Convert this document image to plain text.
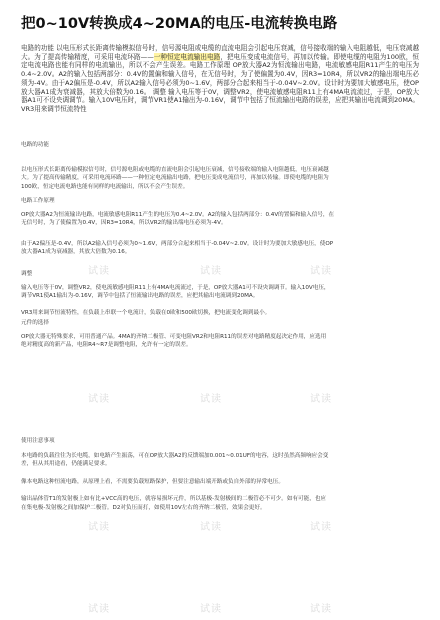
把0~10V转换成4~20MA的电压-电流转换电路
电路的功能 以电压形式长距离传输模拟信号时，信号源电阻或电缆的直流电阻会引起电压衰减，信号接收端的输入电阻越低，电压衰减越大。为了提高传输精度，可采用电流环路——一种恒定电流输出电路，把电压变成电流信号，再加以传输。即使电缆的电阻为100欧，恒定电流电路也能有同样的电流输出，所以不会产生误差。电路工作原理 OP放大器A2为恒流输出电路，电流敏感电阻R11产生的电压为0.4~2.0V。A2的输入包括两部分：0.4V的置偏和输入信号，在无信号时，为了使偏置为0.4V，因R3=10R4，所以VR2的输出端电压必须为-4V。由于A2偏压是-0.4V，所以A2输入信号必须为0~1.6V，两部分合起来相当于-0.04V~2.0V。设计时为要加大敏感电压，使OP放大器A1成为衰减器，其放大倍数为0.16。 调整 输入电压等于0V，调整VR2，使电流敏感电阻R11上有4MA电流流过，于是，OP放大器A1可不设央调调节。输入10V电压时，调节VR1使A1输出为-0.16V，调节中包括了恒流输出电路的误差，应把其输出电流调到20MA。 VR3用来调节恒流特性
电路的功能
以电压形式长距离传输模拟信号时，信号源电阻或电缆的直流电阻会引起电压衰减，信号接收端的输入电阻越低，电压衰减越
大。为了提高传输精度，可采用电流环路——一种恒定电流输出电路，把电压变成电流信号，再加以传输。即使电缆的电阻为
100欧，恒定电流电路也能有同样的电流输出，所以不会产生误差。
电路工作原理
OP放大器A2为恒流输出电路，电流敏感电阻R11产生的电压为0.4~2.0V。A2的输入包括两部分：0.4V的置偏和输入信号，在
无信号时，为了使偏置为0.4V，因R3=10R4，所以VR2的输出端电压必须为-4V。
由于A2偏压是-0.4V，所以A2输入信号必须为0~1.6V，两部分合起来相当于-0.04V~2.0V。设计时为要加大敏感电压，使OP
放大器A1成为衰减器，其放大倍数为0.16。
调整
输入电压等于0V，调整VR2，使电流敏感电阻R11上有4MA电流流过，于是，OP放大器A1可不设央调调节。输入10V电压，
调节VR1使A1输出为-0.16V，调节中包括了恒流输出电路的误差，应把其输出电流调到20MA。
VR3用来调节恒流特性，在负载上串联一个电流计，负载在0欧和500欧切换，把电流变化调到最小。
元件的选择
OP放大器无特殊要求，可用普通产品。4MA的齐纳二极管、可变电阻VR2和电阻R11的误差对电路精度起决定作用，应选用
绝对精度高的新产品，电阻R4~R7是调整电阻，允许有一定的误差。
使用注意事项
本电路的负载往往为长电缆，如电路产生振荡，可在OP放大器A2的反馈端加0.001~0.01UF的电容，这时虽然高频响应会变
差，但从其用途看，仍能满足要求。
像本电路这种恒流电路，从原理上看，不需要负载短路保护，但要注意输出端开路或负自外部的异常电压。
输出晶体管T1的发射极上如有比+VCC高的电压，就容易损坏元件，所以基极-发射极间的二极管必不可少。如有可能，也应
在集电极-发射极之间加保护二极管。D2对负压而打，如使用10V左右的齐纳二极管，效果会更好。
试读	试读	试读
试读	试读	试读
试读	试读	试读
试读	试读	试读
